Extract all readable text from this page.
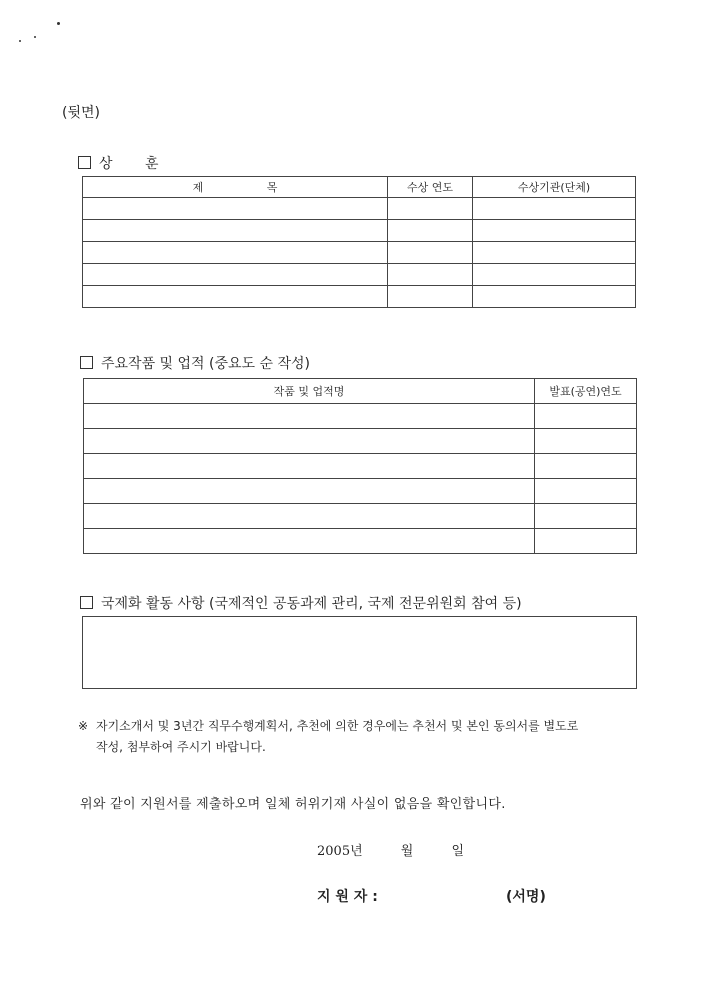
(뒷면)
상 훈
제 목	수상 연도	수상기관(단체)

주요작품 및 업적 (중요도 순 작성)
작품 및 업적명	발표(공연)연도

국제화 활동 사항 (국제적인 공동과제 관리, 국제 전문위원회 참여 등)
※ 자기소개서 및 3년간 직무수행계획서, 추천에 의한 경우에는 추천서 및 본인 동의서를 별도로
작성, 첨부하여 주시기 바랍니다.
위와 같이 지원서를 제출하오며 일체 허위기재 사실이 없음을 확인합니다.
2005년	월	일
지 원 자 :	(서명)
